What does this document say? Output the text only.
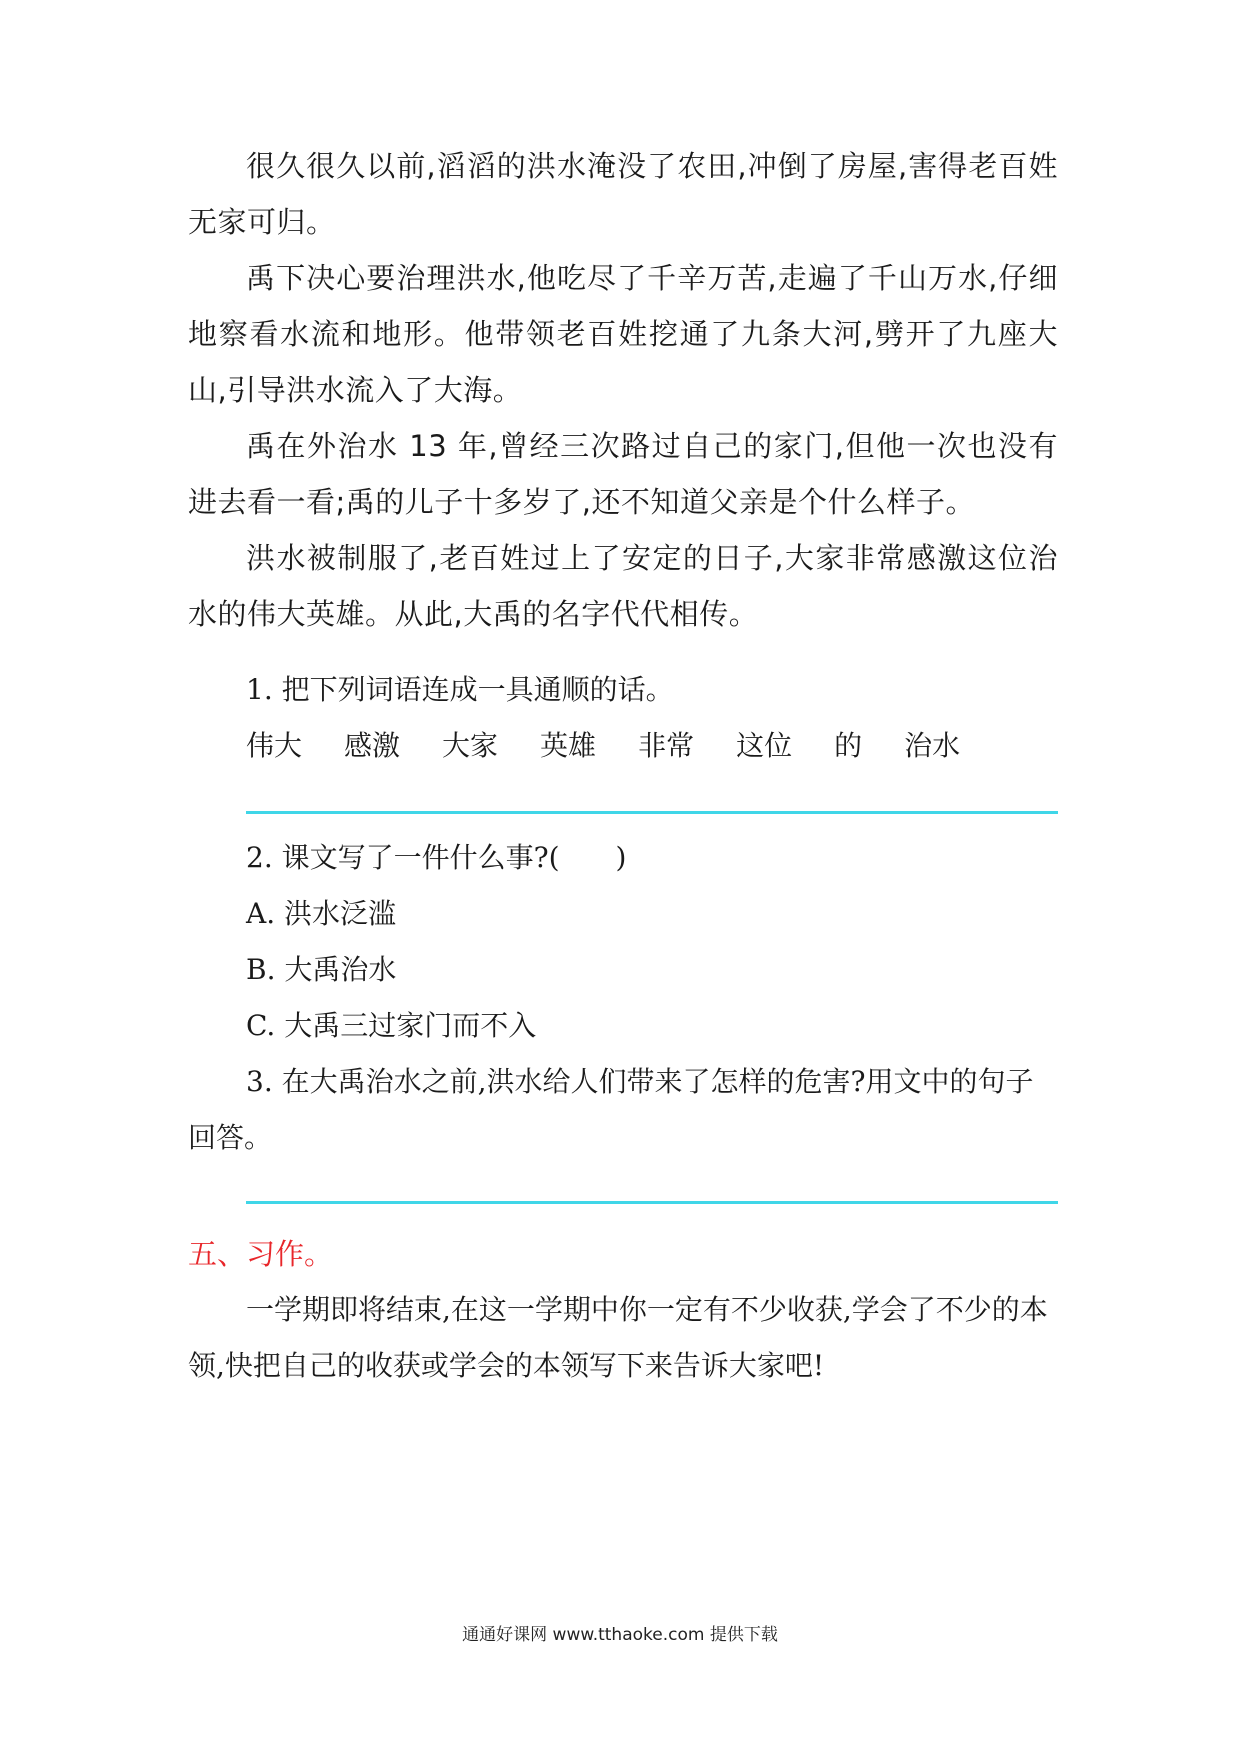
很久很久以前,滔滔的洪水淹没了农田,冲倒了房屋,害得老百姓无家可归。

禹下决心要治理洪水,他吃尽了千辛万苦,走遍了千山万水,仔细地察看水流和地形。他带领老百姓挖通了九条大河,劈开了九座大山,引导洪水流入了大海。

禹在外治水 13 年,曾经三次路过自己的家门,但他一次也没有进去看一看;禹的儿子十多岁了,还不知道父亲是个什么样子。

洪水被制服了,老百姓过上了安定的日子,大家非常感激这位治水的伟大英雄。从此,大禹的名字代代相传。

1. 把下列词语连成一具通顺的话。

伟大 感激 大家 英雄 非常 这位 的 治水

2. 课文写了一件什么事?(　　)

A. 洪水泛滥

B. 大禹治水

C. 大禹三过家门而不入

3. 在大禹治水之前,洪水给人们带来了怎样的危害?用文中的句子回答。

五、习作。

一学期即将结束,在这一学期中你一定有不少收获,学会了不少的本领,快把自己的收获或学会的本领写下来告诉大家吧!

通通好课网 www.tthaoke.com 提供下载
